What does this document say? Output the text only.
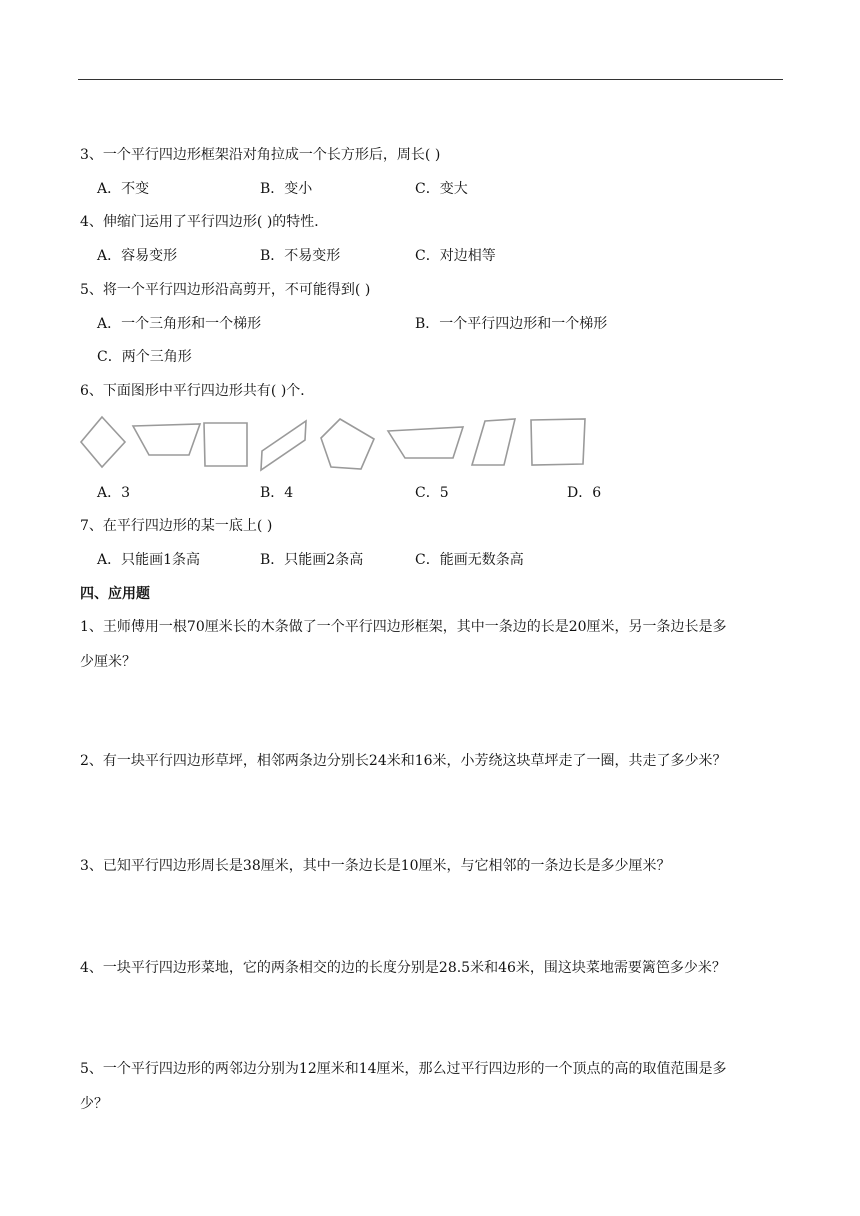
3、一个平行四边形框架沿对角拉成一个长方形后，周长( )
A．不变	B．变小	C．变大
4、伸缩门运用了平行四边形( )的特性．
A．容易变形	B．不易变形	C．对边相等
5、将一个平行四边形沿高剪开，不可能得到( )
A．一个三角形和一个梯形	B．一个平行四边形和一个梯形
C．两个三角形
6、下面图形中平行四边形共有( )个．
A．3	B．4	C．5	D．6
7、在平行四边形的某一底上( )
A．只能画1条高	B．只能画2条高	C．能画无数条高
四、应用题
1、王师傅用一根70厘米长的木条做了一个平行四边形框架，其中一条边的长是20厘米，另一条边长是多
少厘米？
2、有一块平行四边形草坪，相邻两条边分别长24米和16米，小芳绕这块草坪走了一圈，共走了多少米？
3、已知平行四边形周长是38厘米，其中一条边长是10厘米，与它相邻的一条边长是多少厘米？
4、一块平行四边形菜地，它的两条相交的边的长度分别是28.5米和46米，围这块菜地需要篱笆多少米？
5、一个平行四边形的两邻边分别为12厘米和14厘米，那么过平行四边形的一个顶点的高的取值范围是多
少？
